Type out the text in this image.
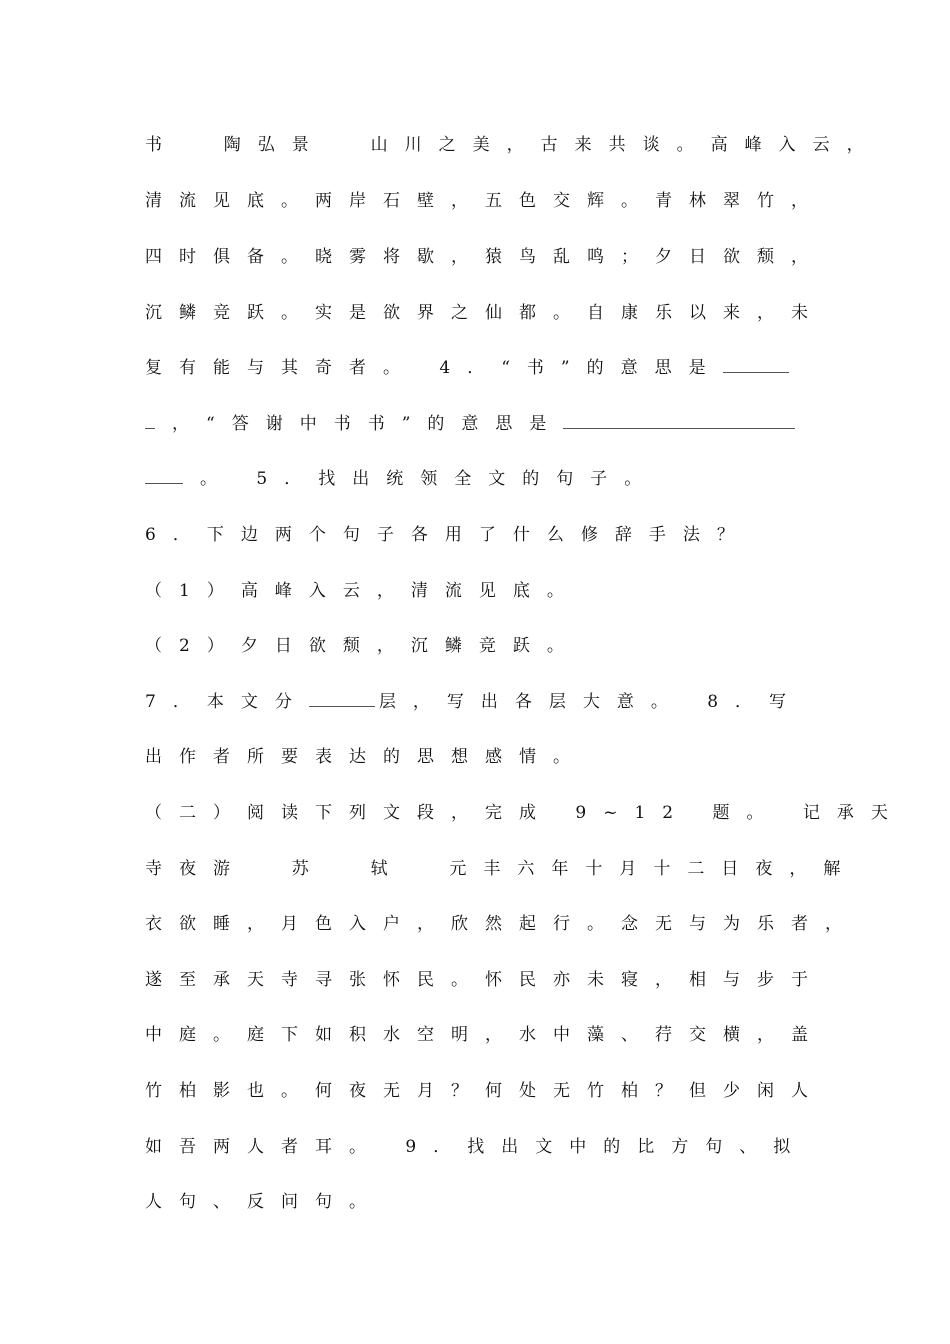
书  陶弘景  山川之美，古来共谈。高峰入云，
清流见底。两岸石壁，五色交辉。青林翠竹，
四时俱备。晓雾将歇，猿鸟乱鸣；夕日欲颓，
沉鳞竞跃。实是欲界之仙都。自康乐以来，未
复有能与其奇者。 4．“书”的意思是
，“答谢中书书”的意思是
。 5．找出统领全文的句子。
6．下边两个句子各用了什么修辞手法？
（1）高峰入云，清流见底。
（2）夕日欲颓，沉鳞竞跃。
7．本文分	层，写出各层大意。 8．写
出作者所要表达的思想感情。
（二）阅读下列文段，完成 9~12 题。 记承天
寺夜游  苏  轼  元丰六年十月十二日夜，解
衣欲睡，月色入户，欣然起行。念无与为乐者，
遂至承天寺寻张怀民。怀民亦未寝，相与步于
中庭。庭下如积水空明，水中藻、荇交横，盖
竹柏影也。何夜无月？何处无竹柏？但少闲人
如吾两人者耳。 9．找出文中的比方句、拟
人句、反问句。
